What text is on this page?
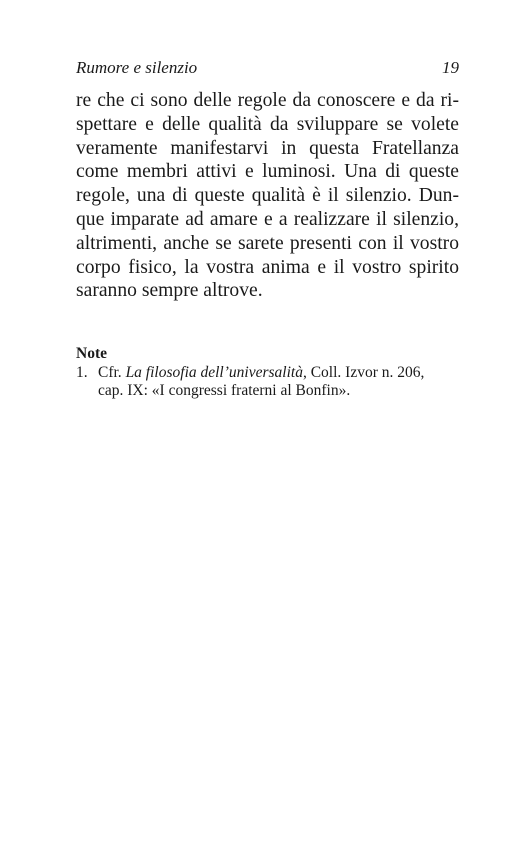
Rumore e silenzio	19

re che ci sono delle regole da conoscere e da ri-
spettare e delle qualità da sviluppare se volete
veramente manifestarvi in questa Fratellanza
come membri attivi e luminosi. Una di queste
regole, una di queste qualità è il silenzio. Dun-
que imparate ad amare e a realizzare il silenzio,
altrimenti, anche se sarete presenti con il vostro
corpo fisico, la vostra anima e il vostro spirito
saranno sempre altrove.

Note
1. Cfr. La filosofia dell’universalità, Coll. Izvor n. 206,
cap. IX: «I congressi fraterni al Bonfin».
